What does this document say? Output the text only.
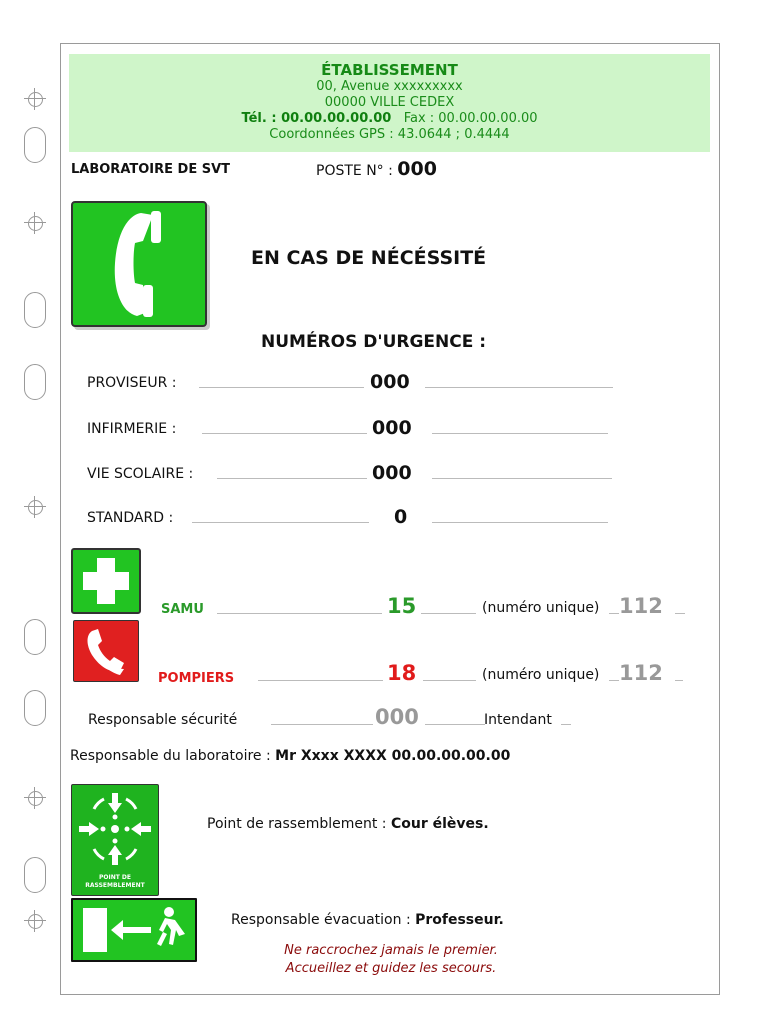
ÉTABLISSEMENT
00, Avenue xxxxxxxxx
00000 VILLE CEDEX
Tél. : 00.00.00.00.00 Fax : 00.00.00.00.00
Coordonnées GPS : 43.0644 ; 0.4444
LABORATOIRE DE SVT	POSTE N° : 000
EN CAS DE NÉCÉSSITÉ
NUMÉROS D'URGENCE :
PROVISEUR :	000
INFIRMERIE :	000
VIE SCOLAIRE :	000
STANDARD :	0
SAMU	15	(numéro unique) 112
POMPIERS	18	(numéro unique) 112
Responsable sécurité	000	Intendant
Responsable du laboratoire : Mr Xxxx XXXX 00.00.00.00.00
POINT DE RASSEMBLEMENT
Point de rassemblement : Cour élèves.
Responsable évacuation : Professeur.
Ne raccrochez jamais le premier.
Accueillez et guidez les secours.
